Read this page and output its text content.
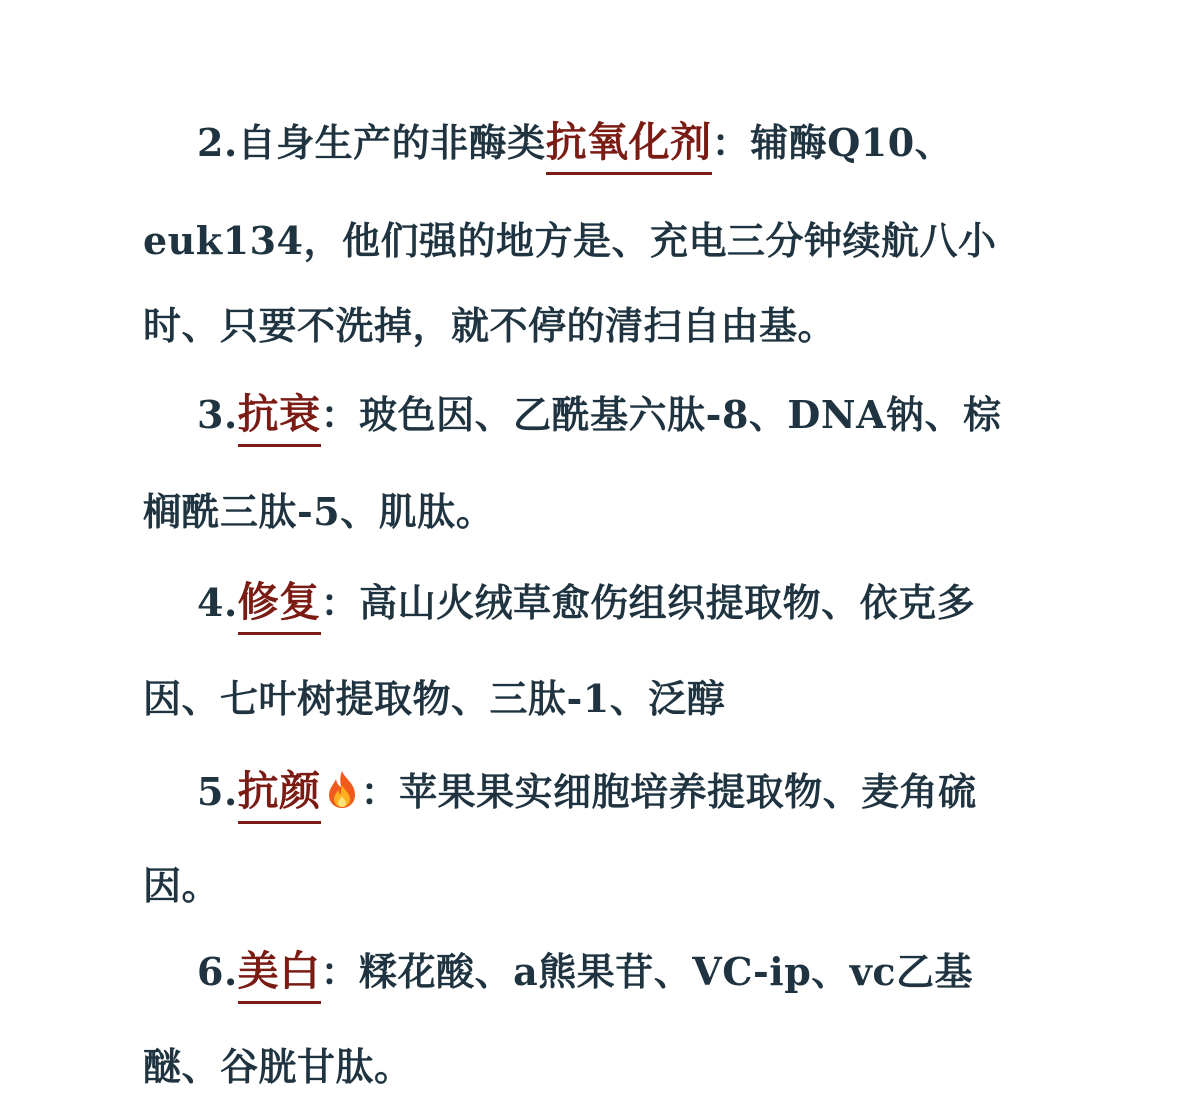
2.自身生产的非酶类抗氧化剂：辅酶Q10、
euk134，他们强的地方是、充电三分钟续航八小
时、只要不洗掉，就不停的清扫自由基。
3.抗衰：玻色因、乙酰基六肽-8、DNA钠、棕
榈酰三肽-5、肌肽。
4.修复：高山火绒草愈伤组织提取物、依克多
因、七叶树提取物、三肽-1、泛醇
5.抗颜 ：苹果果实细胞培养提取物、麦角硫
因。
6.美白：糅花酸、a熊果苷、VC-ip、vc乙基
醚、谷胱甘肽。
